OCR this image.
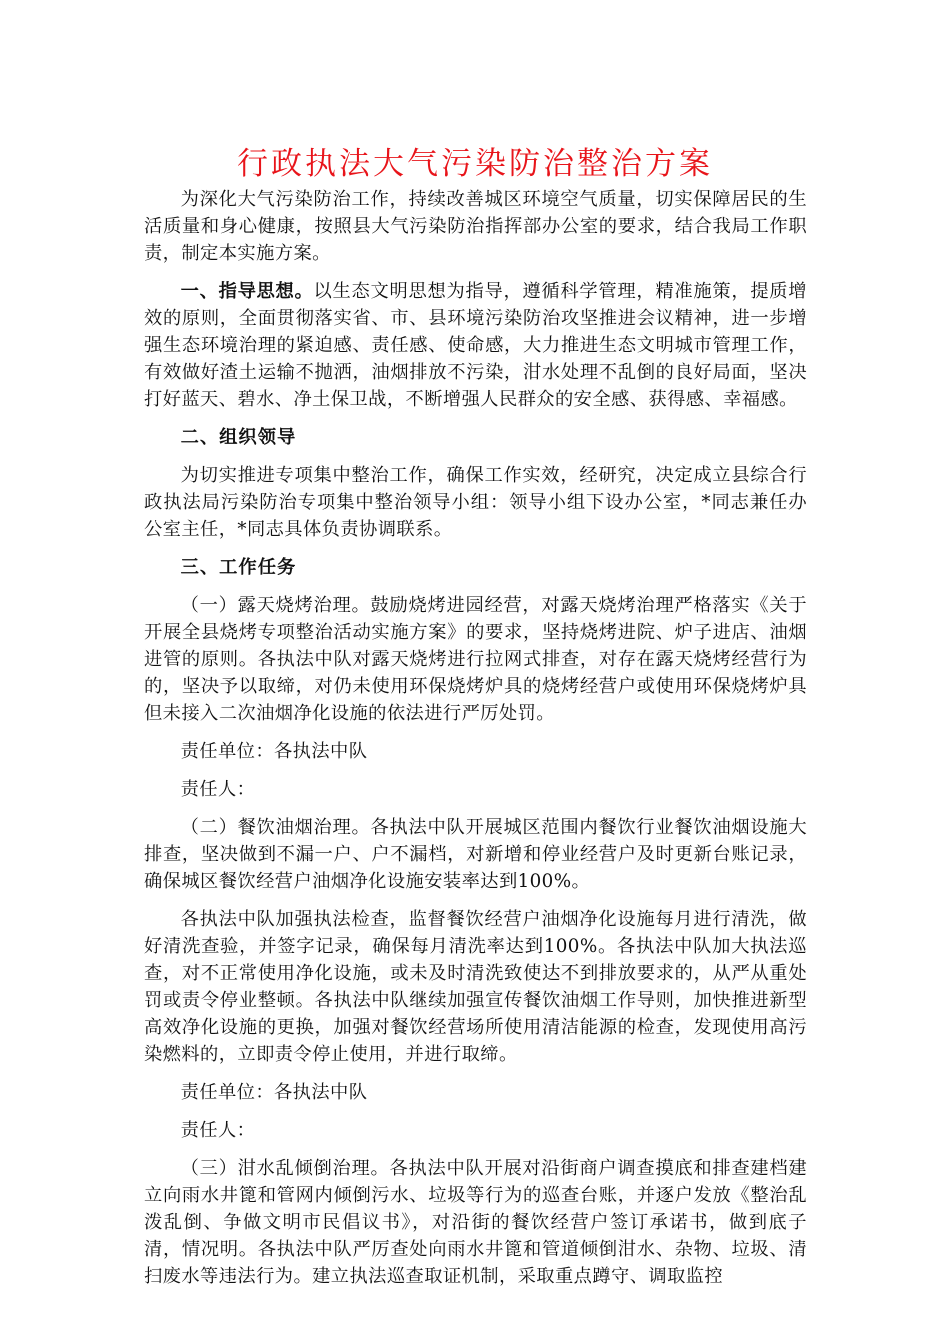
行政执法大气污染防治整治方案

为深化大气污染防治工作，持续改善城区环境空气质量，切实保障居民的生活质量和身心健康，按照县大气污染防治指挥部办公室的要求，结合我局工作职责，制定本实施方案。

一、指导思想。以生态文明思想为指导，遵循科学管理，精准施策，提质增效的原则，全面贯彻落实省、市、县环境污染防治攻坚推进会议精神，进一步增强生态环境治理的紧迫感、责任感、使命感，大力推进生态文明城市管理工作，有效做好渣土运输不抛洒，油烟排放不污染，泔水处理不乱倒的良好局面，坚决打好蓝天、碧水、净土保卫战，不断增强人民群众的安全感、获得感、幸福感。

二、组织领导

为切实推进专项集中整治工作，确保工作实效，经研究，决定成立县综合行政执法局污染防治专项集中整治领导小组：领导小组下设办公室，*同志兼任办公室主任，*同志具体负责协调联系。

三、工作任务

（一）露天烧烤治理。鼓励烧烤进园经营，对露天烧烤治理严格落实《关于开展全县烧烤专项整治活动实施方案》的要求，坚持烧烤进院、炉子进店、油烟进管的原则。各执法中队对露天烧烤进行拉网式排查，对存在露天烧烤经营行为的，坚决予以取缔，对仍未使用环保烧烤炉具的烧烤经营户或使用环保烧烤炉具但未接入二次油烟净化设施的依法进行严厉处罚。

责任单位：各执法中队

责任人：

（二）餐饮油烟治理。各执法中队开展城区范围内餐饮行业餐饮油烟设施大排查，坚决做到不漏一户、户不漏档，对新增和停业经营户及时更新台账记录，确保城区餐饮经营户油烟净化设施安装率达到100%。

各执法中队加强执法检查，监督餐饮经营户油烟净化设施每月进行清洗，做好清洗查验，并签字记录，确保每月清洗率达到100%。各执法中队加大执法巡查，对不正常使用净化设施，或未及时清洗致使达不到排放要求的，从严从重处罚或责令停业整顿。各执法中队继续加强宣传餐饮油烟工作导则，加快推进新型高效净化设施的更换，加强对餐饮经营场所使用清洁能源的检查，发现使用高污染燃料的，立即责令停止使用，并进行取缔。

责任单位：各执法中队

责任人：

（三）泔水乱倾倒治理。各执法中队开展对沿街商户调查摸底和排查建档建立向雨水井篦和管网内倾倒污水、垃圾等行为的巡查台账，并逐户发放《整治乱泼乱倒、争做文明市民倡议书》，对沿街的餐饮经营户签订承诺书，做到底子清，情况明。各执法中队严厉查处向雨水井篦和管道倾倒泔水、杂物、垃圾、清扫废水等违法行为。建立执法巡查取证机制，采取重点蹲守、调取监控
